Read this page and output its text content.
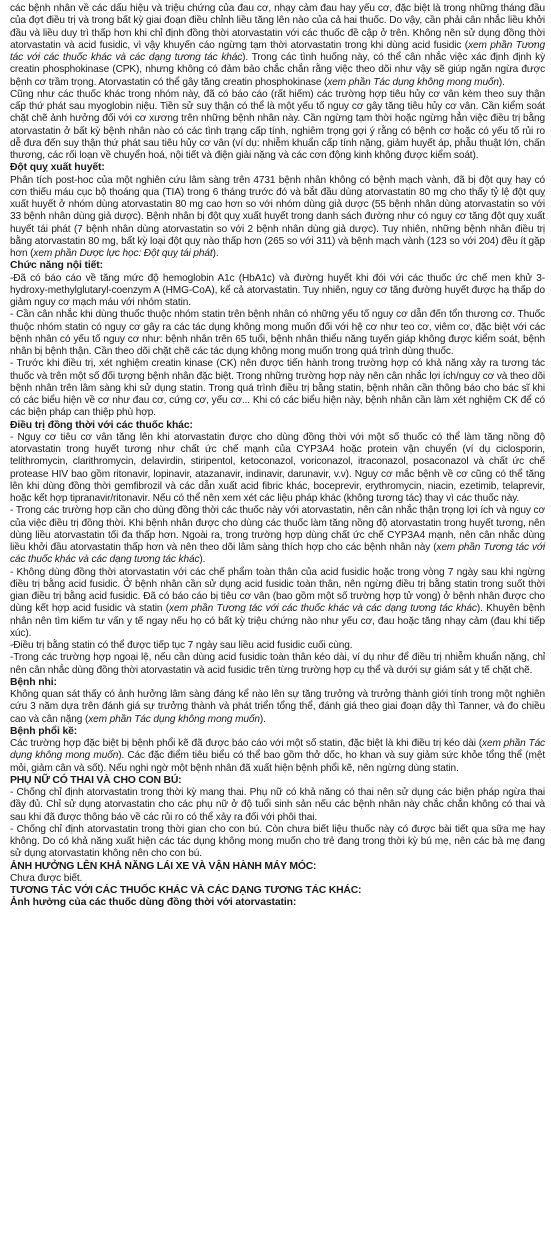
các bệnh nhân về các dấu hiệu và triệu chứng của đau cơ, nhạy cảm đau hay yếu cơ, đặc biệt là trong những tháng đầu của đợt điều trị và trong bất kỳ giai đoạn điều chỉnh liều tăng lên nào của cả hai thuốc. Do vậy, cần phải cân nhắc liều khởi đầu và liều duy trì thấp hơn khi chỉ định đồng thời atorvastatin với các thuốc đề cập ở trên. Không nên sử dụng đồng thời atorvastatin và acid fusidic, vì vậy khuyến cáo ngừng tạm thời atorvastatin trong khi dùng acid fusidic (xem phần Tương tác với các thuốc khác và các dạng tương tác khác). Trong các tình huống này, có thể cân nhắc việc xác định định kỳ creatin phosphokinase (CPK), nhưng không có đảm bảo chắc chắn rằng việc theo dõi như vậy sẽ giúp ngăn ngừa được bệnh cơ trầm trọng. Atorvastatin có thể gây tăng creatin phosphokinase (xem phần Tác dụng không mong muốn).

Cũng như các thuốc khác trong nhóm này, đã có báo cáo (rất hiếm) các trường hợp tiêu hủy cơ vân kèm theo suy thận cấp thứ phát sau myoglobin niệu. Tiền sử suy thận có thể là một yếu tố nguy cơ gây tăng tiêu hủy cơ vân. Cần kiểm soát chặt chẽ ảnh hưởng đối với cơ xương trên những bệnh nhân này. Cần ngừng tạm thời hoặc ngừng hẳn việc điều trị bằng atorvastatin ở bất kỳ bệnh nhân nào có các tình trạng cấp tính, nghiêm trọng gợi ý rằng có bệnh cơ hoặc có yếu tố rủi ro dễ đưa đến suy thận thứ phát sau tiêu hủy cơ vân (ví dụ: nhiễm khuẩn cấp tính nặng, giảm huyết áp, phẫu thuật lớn, chấn thương, các rối loạn về chuyển hoá, nội tiết và điện giải nặng và các cơn động kinh không được kiểm soát).

Đột quỵ xuất huyết:

Phân tích post-hoc của một nghiên cứu lâm sàng trên 4731 bệnh nhân không có bệnh mạch vành, đã bị đột quỵ hay có cơn thiếu máu cục bộ thoáng qua (TIA) trong 6 tháng trước đó và bắt đầu dùng atorvastatin 80 mg cho thấy tỷ lệ đột quỵ xuất huyết ở nhóm dùng atorvastatin 80 mg cao hơn so với nhóm dùng giả dược (55 bệnh nhân dùng atorvastatin so với 33 bệnh nhân dùng giả dược). Bệnh nhân bị đột quỵ xuất huyết trong danh sách đường như có nguy cơ tăng đột quỵ xuất huyết tái phát (7 bệnh nhân dùng atorvastatin so với 2 bệnh nhân dùng giả dược). Tuy nhiên, những bệnh nhân điều trị bằng atorvastatin 80 mg, bất kỳ loại đột quỵ nào thấp hơn (265 so với 311) và bệnh mạch vành (123 so với 204) đều ít gặp hơn (xem phần Dược lực học: Đột quỵ tái phát).

Chức năng nội tiết:

-Đã có báo cáo về tăng mức độ hemoglobin A1c (HbA1c) và đường huyết khi đói với các thuốc ức chế men khử 3-hydroxy-methylglutaryl-coenzym A (HMG-CoA), kể cả atorvastatin. Tuy nhiên, nguy cơ tăng đường huyết được hạ thấp do giảm nguy cơ mạch máu với nhóm statin.

- Cần cân nhắc khi dùng thuốc thuộc nhóm statin trên bệnh nhân có những yếu tố nguy cơ dẫn đến tổn thương cơ. Thuốc thuộc nhóm statin có nguy cơ gây ra các tác dụng không mong muốn đối với hệ cơ như teo cơ, viêm cơ, đặc biệt với các bệnh nhân có yếu tố nguy cơ như: bệnh nhân trên 65 tuổi, bệnh nhân thiểu năng tuyến giáp không được kiểm soát, bệnh nhân bị bệnh thận. Cần theo dõi chặt chẽ các tác dụng không mong muốn trong quá trình dùng thuốc.

- Trước khi điều trị, xét nghiệm creatin kinase (CK) nên được tiến hành trong trường hợp có khả năng xảy ra tương tác thuốc và trên một số đối tượng bệnh nhân đặc biệt. Trong những trường hợp này nên cân nhắc lợi ích/nguy cơ và theo dõi bệnh nhân trên lâm sàng khi sử dụng statin. Trong quá trình điều trị bằng statin, bệnh nhân cần thông báo cho bác sĩ khi có các biểu hiện về cơ như đau cơ, cứng cơ, yếu cơ... Khi có các biểu hiện này, bệnh nhân cần làm xét nghiệm CK để có các biện pháp can thiệp phù hợp.

Điều trị đồng thời với các thuốc khác:

- Nguy cơ tiêu cơ vân tăng lên khi atorvastatin được cho dùng đồng thời với một số thuốc có thể làm tăng nồng độ atorvastatin trong huyết tương như chất ức chế mạnh của CYP3A4 hoặc protein vận chuyển (ví dụ ciclosporin, telithromycin, clarithromycin, delavirdin, stiripentol, ketoconazol, voriconazol, itraconazol, posaconazol và chất ức chế protease HIV bao gồm ritonavir, lopinavir, atazanavir, indinavir, darunavir, v.v). Nguy cơ mắc bệnh về cơ cũng có thể tăng lên khi dùng đồng thời gemfibrozil và các dẫn xuất acid fibric khác, boceprevir, erythromycin, niacin, ezetimib, telaprevir, hoặc kết hợp tipranavir/ritonavir. Nếu có thể nên xem xét các liệu pháp khác (không tương tác) thay vì các thuốc này.

- Trong các trường hợp cần cho dùng đồng thời các thuốc này với atorvastatin, nên cân nhắc thận trọng lợi ích và nguy cơ của việc điều trị đồng thời. Khi bệnh nhân được cho dùng các thuốc làm tăng nồng độ atorvastatin trong huyết tương, nên dùng liều atorvastatin tối đa thấp hơn. Ngoài ra, trong trường hợp dùng chất ức chế CYP3A4 mạnh, nên cân nhắc dùng liều khởi đầu atorvastatin thấp hơn và nên theo dõi lâm sàng thích hợp cho các bệnh nhân này (xem phần Tương tác với các thuốc khác và các dạng tương tác khác).

- Không dùng đồng thời atorvastatin với các chế phẩm toàn thân của acid fusidic hoặc trong vòng 7 ngày sau khi ngừng điều trị bằng acid fusidic. Ở bệnh nhân cần sử dụng acid fusidic toàn thân, nên ngừng điều trị bằng statin trong suốt thời gian điều trị bằng acid fusidic. Đã có báo cáo bị tiêu cơ vân (bao gồm một số trường hợp tử vong) ở bệnh nhân được cho dùng kết hợp acid fusidic và statin (xem phần Tương tác với các thuốc khác và các dạng tương tác khác). Khuyên bệnh nhân nên tìm kiếm tư vấn y tế ngay nếu họ có bất kỳ triệu chứng nào như yếu cơ, đau hoặc tăng nhạy cảm (đau khi tiếp xúc).

-Điều trị bằng statin có thể được tiếp tục 7 ngày sau liều acid fusidic cuối cùng.

-Trong các trường hợp ngoại lệ, nếu cần dùng acid fusidic toàn thân kéo dài, ví dụ như để điều trị nhiễm khuẩn nặng, chỉ nên cân nhắc dùng đồng thời atorvastatin và acid fusidic trên từng trường hợp cụ thể và dưới sự giám sát y tế chặt chẽ.

Bệnh nhi:

Không quan sát thấy có ảnh hưởng lâm sàng đáng kể nào lên sự tăng trưởng và trưởng thành giới tính trong một nghiên cứu 3 năm dựa trên đánh giá sự trưởng thành và phát triển tổng thể, đánh giá theo giai đoạn dậy thì Tanner, và đo chiều cao và cân nặng (xem phần Tác dụng không mong muốn).

Bệnh phổi kẽ:

Các trường hợp đặc biệt bị bệnh phổi kẽ đã được báo cáo với một số statin, đặc biệt là khi điều trị kéo dài (xem phần Tác dụng không mong muốn). Các đặc điểm tiêu biểu có thể bao gồm thở dốc, ho khan và suy giảm sức khỏe tổng thể (mệt mỏi, giảm cân và sốt). Nếu nghi ngờ một bệnh nhân đã xuất hiện bệnh phổi kẽ, nên ngừng dùng statin.

PHỤ NỮ CÓ THAI VÀ CHO CON BÚ:

- Chống chỉ định atorvastatin trong thời kỳ mang thai. Phụ nữ có khả năng có thai nên sử dụng các biện pháp ngừa thai đầy đủ. Chỉ sử dụng atorvastatin cho các phụ nữ ở độ tuổi sinh sản nếu các bệnh nhân này chắc chắn không có thai và sau khi đã được thông báo về các rủi ro có thể xảy ra đối với phôi thai.

- Chống chỉ định atorvastatin trong thời gian cho con bú. Còn chưa biết liệu thuốc này có được bài tiết qua sữa mẹ hay không. Do có khả năng xuất hiện các tác dụng không mong muốn cho trẻ đang trong thời kỳ bú mẹ, nên các bà mẹ đang sử dụng atorvastatin không nên cho con bú.

ẢNH HƯỞNG LÊN KHẢ NĂNG LÁI XE VÀ VẬN HÀNH MÁY MÓC:

Chưa được biết.

TƯƠNG TÁC VỚI CÁC THUỐC KHÁC VÀ CÁC DẠNG TƯƠNG TÁC KHÁC:

Ảnh hưởng của các thuốc dùng đồng thời với atorvastatin:
